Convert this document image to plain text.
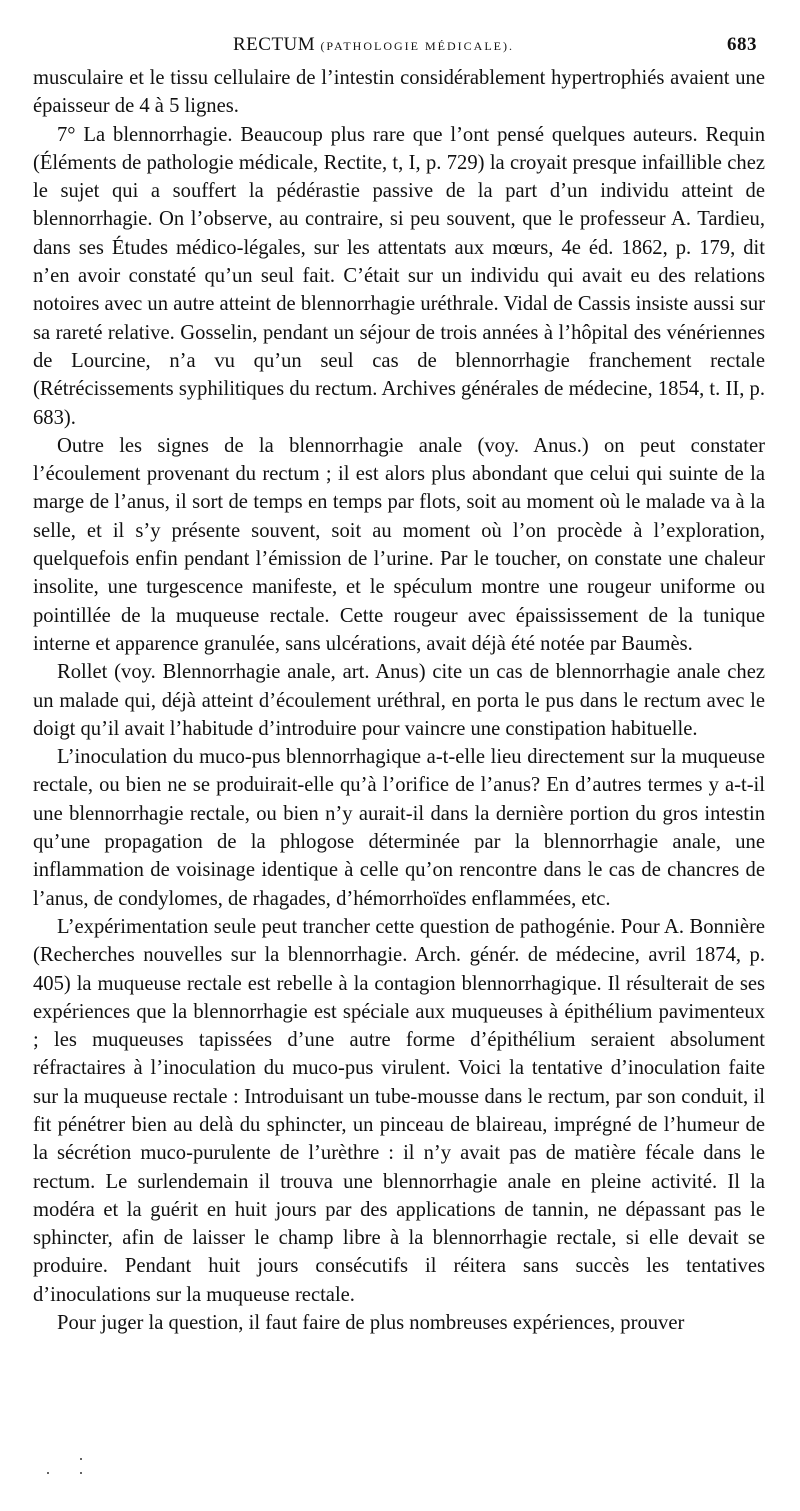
RECTUM (PATHOLOGIE MÉDICALE).	683

musculaire et le tissu cellulaire de l’intestin considérablement hypertrophiés avaient une épaisseur de 4 à 5 lignes.

7° La blennorrhagie. Beaucoup plus rare que l’ont pensé quelques auteurs. Requin (Éléments de pathologie médicale, Rectite, t, I, p. 729) la croyait presque infaillible chez le sujet qui a souffert la pédérastie passive de la part d’un individu atteint de blennorrhagie. On l’observe, au contraire, si peu souvent, que le professeur A. Tardieu, dans ses Études médico-légales, sur les attentats aux mœurs, 4e éd. 1862, p. 179, dit n’en avoir constaté qu’un seul fait. C’était sur un individu qui avait eu des relations notoires avec un autre atteint de blennorrhagie uréthrale. Vidal de Cassis insiste aussi sur sa rareté relative. Gosselin, pendant un séjour de trois années à l’hôpital des vénériennes de Lourcine, n’a vu qu’un seul cas de blennorrhagie franchement rectale (Rétrécissements syphilitiques du rectum. Archives générales de médecine, 1854, t. II, p. 683).

Outre les signes de la blennorrhagie anale (voy. Anus.) on peut constater l’écoulement provenant du rectum ; il est alors plus abondant que celui qui suinte de la marge de l’anus, il sort de temps en temps par flots, soit au moment où le malade va à la selle, et il s’y présente souvent, soit au moment où l’on procède à l’exploration, quelquefois enfin pendant l’émission de l’urine. Par le toucher, on constate une chaleur insolite, une turgescence manifeste, et le spéculum montre une rougeur uniforme ou pointillée de la muqueuse rectale. Cette rougeur avec épaississement de la tunique interne et apparence granulée, sans ulcérations, avait déjà été notée par Baumès.

Rollet (voy. Blennorrhagie anale, art. Anus) cite un cas de blennorrhagie anale chez un malade qui, déjà atteint d’écoulement uréthral, en porta le pus dans le rectum avec le doigt qu’il avait l’habitude d’introduire pour vaincre une constipation habituelle.

L’inoculation du muco-pus blennorrhagique a-t-elle lieu directement sur la muqueuse rectale, ou bien ne se produirait-elle qu’à l’orifice de l’anus? En d’autres termes y a-t-il une blennorrhagie rectale, ou bien n’y aurait-il dans la dernière portion du gros intestin qu’une propagation de la phlogose déterminée par la blennorrhagie anale, une inflammation de voisinage identique à celle qu’on rencontre dans le cas de chancres de l’anus, de condylomes, de rhagades, d’hémorrhoïdes enflammées, etc.

L’expérimentation seule peut trancher cette question de pathogénie. Pour A. Bonnière (Recherches nouvelles sur la blennorrhagie. Arch. génér. de médecine, avril 1874, p. 405) la muqueuse rectale est rebelle à la contagion blennorrhagique. Il résulterait de ses expériences que la blennorrhagie est spéciale aux muqueuses à épithélium pavimenteux ; les muqueuses tapissées d’une autre forme d’épithélium seraient absolument réfractaires à l’inoculation du muco-pus virulent. Voici la tentative d’inoculation faite sur la muqueuse rectale : Introduisant un tube-mousse dans le rectum, par son conduit, il fit pénétrer bien au delà du sphincter, un pinceau de blaireau, imprégné de l’humeur de la sécrétion muco-purulente de l’urèthre : il n’y avait pas de matière fécale dans le rectum. Le surlendemain il trouva une blennorrhagie anale en pleine activité. Il la modéra et la guérit en huit jours par des applications de tannin, ne dépassant pas le sphincter, afin de laisser le champ libre à la blennorrhagie rectale, si elle devait se produire. Pendant huit jours consécutifs il réitera sans succès les tentatives d’inoculations sur la muqueuse rectale.

Pour juger la question, il faut faire de plus nombreuses expériences, prouver
